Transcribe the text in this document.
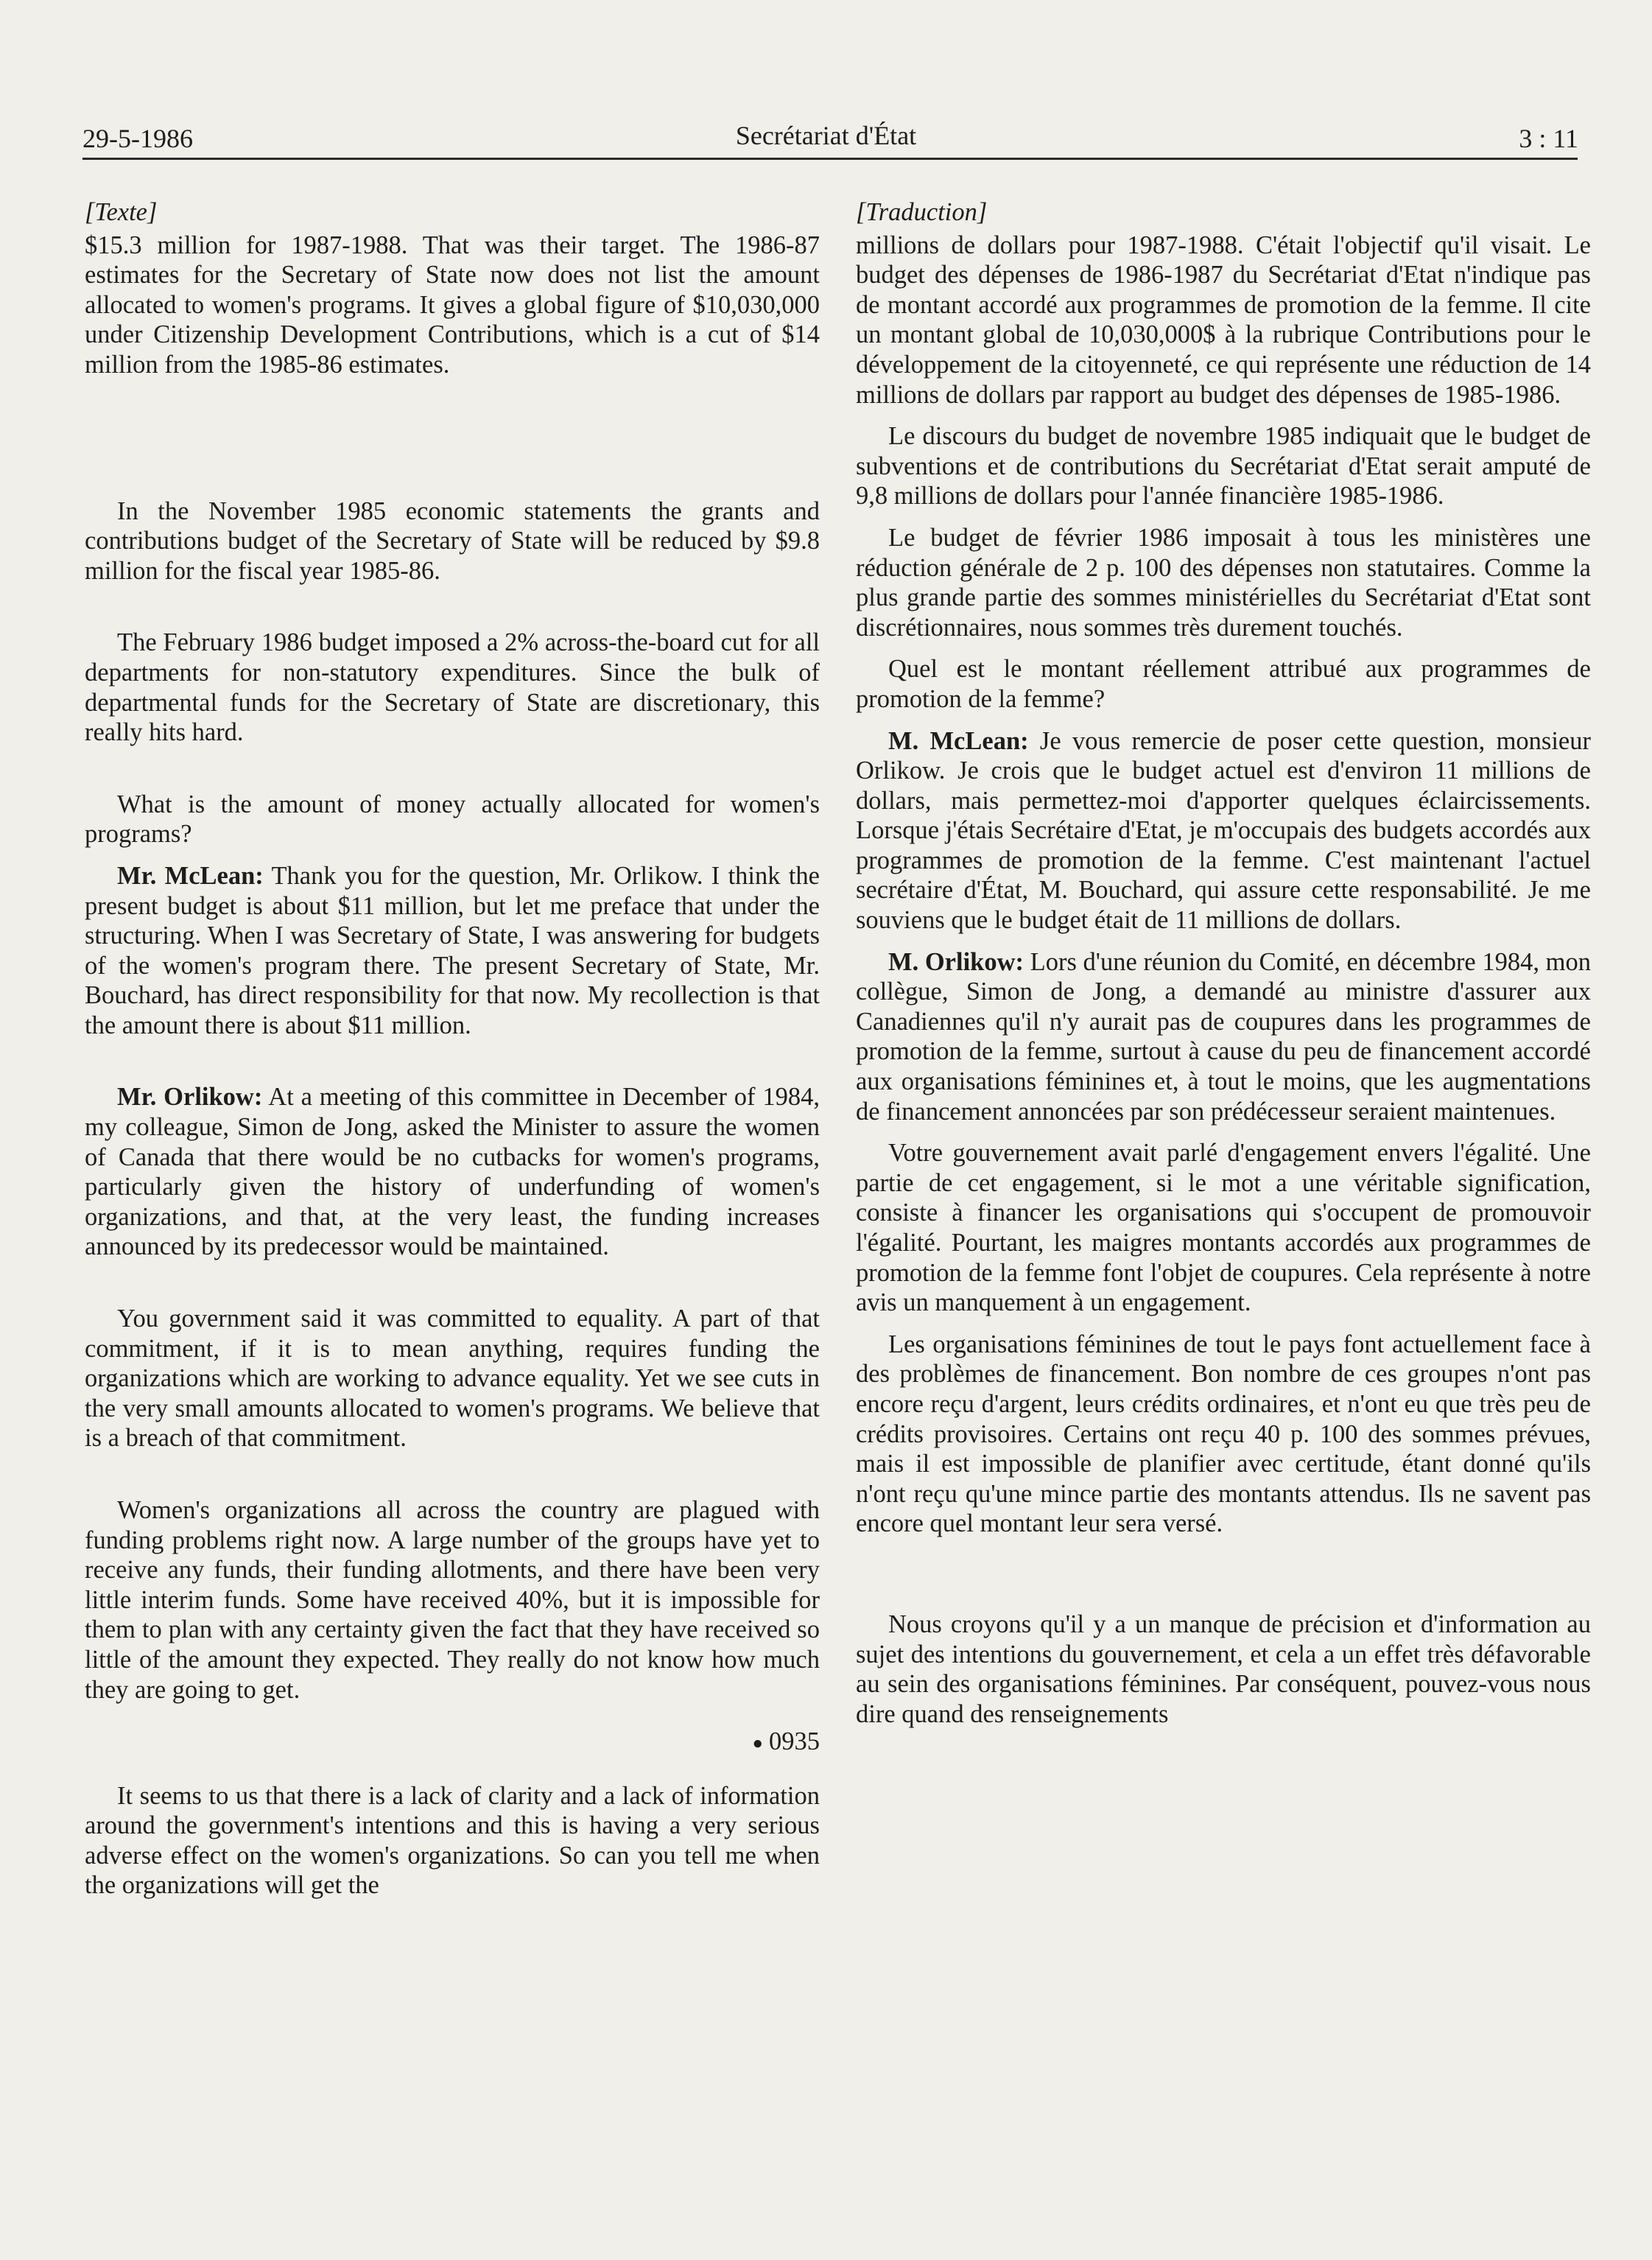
29-5-1986	Secrétariat d'État	3 : 11
[Texte]

$15.3 million for 1987-1988. That was their target. The 1986-87 estimates for the Secretary of State now does not list the amount allocated to women's programs. It gives a global figure of $10,030,000 under Citizenship Development Contributions, which is a cut of $14 million from the 1985-86 estimates.

In the November 1985 economic statements the grants and contributions budget of the Secretary of State will be reduced by $9.8 million for the fiscal year 1985-86.

The February 1986 budget imposed a 2% across-the-board cut for all departments for non-statutory expenditures. Since the bulk of departmental funds for the Secretary of State are discretionary, this really hits hard.

What is the amount of money actually allocated for women's programs?

Mr. McLean: Thank you for the question, Mr. Orlikow. I think the present budget is about $11 million, but let me preface that under the structuring. When I was Secretary of State, I was answering for budgets of the women's program there. The present Secretary of State, Mr. Bouchard, has direct responsibility for that now. My recollection is that the amount there is about $11 million.

Mr. Orlikow: At a meeting of this committee in December of 1984, my colleague, Simon de Jong, asked the Minister to assure the women of Canada that there would be no cutbacks for women's programs, particularly given the history of underfunding of women's organizations, and that, at the very least, the funding increases announced by its predecessor would be maintained.

You government said it was committed to equality. A part of that commitment, if it is to mean anything, requires funding the organizations which are working to advance equality. Yet we see cuts in the very small amounts allocated to women's programs. We believe that is a breach of that commitment.

Women's organizations all across the country are plagued with funding problems right now. A large number of the groups have yet to receive any funds, their funding allotments, and there have been very little interim funds. Some have received 40%, but it is impossible for them to plan with any certainty given the fact that they have received so little of the amount they expected. They really do not know how much they are going to get.

● 0935

It seems to us that there is a lack of clarity and a lack of information around the government's intentions and this is having a very serious adverse effect on the women's organizations. So can you tell me when the organizations will get the

[Traduction]

millions de dollars pour 1987-1988. C'était l'objectif qu'il visait. Le budget des dépenses de 1986-1987 du Secrétariat d'Etat n'indique pas de montant accordé aux programmes de promotion de la femme. Il cite un montant global de 10,030,000$ à la rubrique Contributions pour le développement de la citoyenneté, ce qui représente une réduction de 14 millions de dollars par rapport au budget des dépenses de 1985-1986.

Le discours du budget de novembre 1985 indiquait que le budget de subventions et de contributions du Secrétariat d'Etat serait amputé de 9,8 millions de dollars pour l'année financière 1985-1986.

Le budget de février 1986 imposait à tous les ministères une réduction générale de 2 p. 100 des dépenses non statutaires. Comme la plus grande partie des sommes ministérielles du Secrétariat d'Etat sont discrétionnaires, nous sommes très durement touchés.

Quel est le montant réellement attribué aux programmes de promotion de la femme?

M. McLean: Je vous remercie de poser cette question, monsieur Orlikow. Je crois que le budget actuel est d'environ 11 millions de dollars, mais permettez-moi d'apporter quelques éclaircissements. Lorsque j'étais Secrétaire d'Etat, je m'occupais des budgets accordés aux programmes de promotion de la femme. C'est maintenant l'actuel secrétaire d'État, M. Bouchard, qui assure cette responsabilité. Je me souviens que le budget était de 11 millions de dollars.

M. Orlikow: Lors d'une réunion du Comité, en décembre 1984, mon collègue, Simon de Jong, a demandé au ministre d'assurer aux Canadiennes qu'il n'y aurait pas de coupures dans les programmes de promotion de la femme, surtout à cause du peu de financement accordé aux organisations féminines et, à tout le moins, que les augmentations de financement annoncées par son prédécesseur seraient maintenues.

Votre gouvernement avait parlé d'engagement envers l'égalité. Une partie de cet engagement, si le mot a une véritable signification, consiste à financer les organisations qui s'occupent de promouvoir l'égalité. Pourtant, les maigres montants accordés aux programmes de promotion de la femme font l'objet de coupures. Cela représente à notre avis un manquement à un engagement.

Les organisations féminines de tout le pays font actuellement face à des problèmes de financement. Bon nombre de ces groupes n'ont pas encore reçu d'argent, leurs crédits ordinaires, et n'ont eu que très peu de crédits provisoires. Certains ont reçu 40 p. 100 des sommes prévues, mais il est impossible de planifier avec certitude, étant donné qu'ils n'ont reçu qu'une mince partie des montants attendus. Ils ne savent pas encore quel montant leur sera versé.

Nous croyons qu'il y a un manque de précision et d'information au sujet des intentions du gouvernement, et cela a un effet très défavorable au sein des organisations féminines. Par conséquent, pouvez-vous nous dire quand des renseignements
